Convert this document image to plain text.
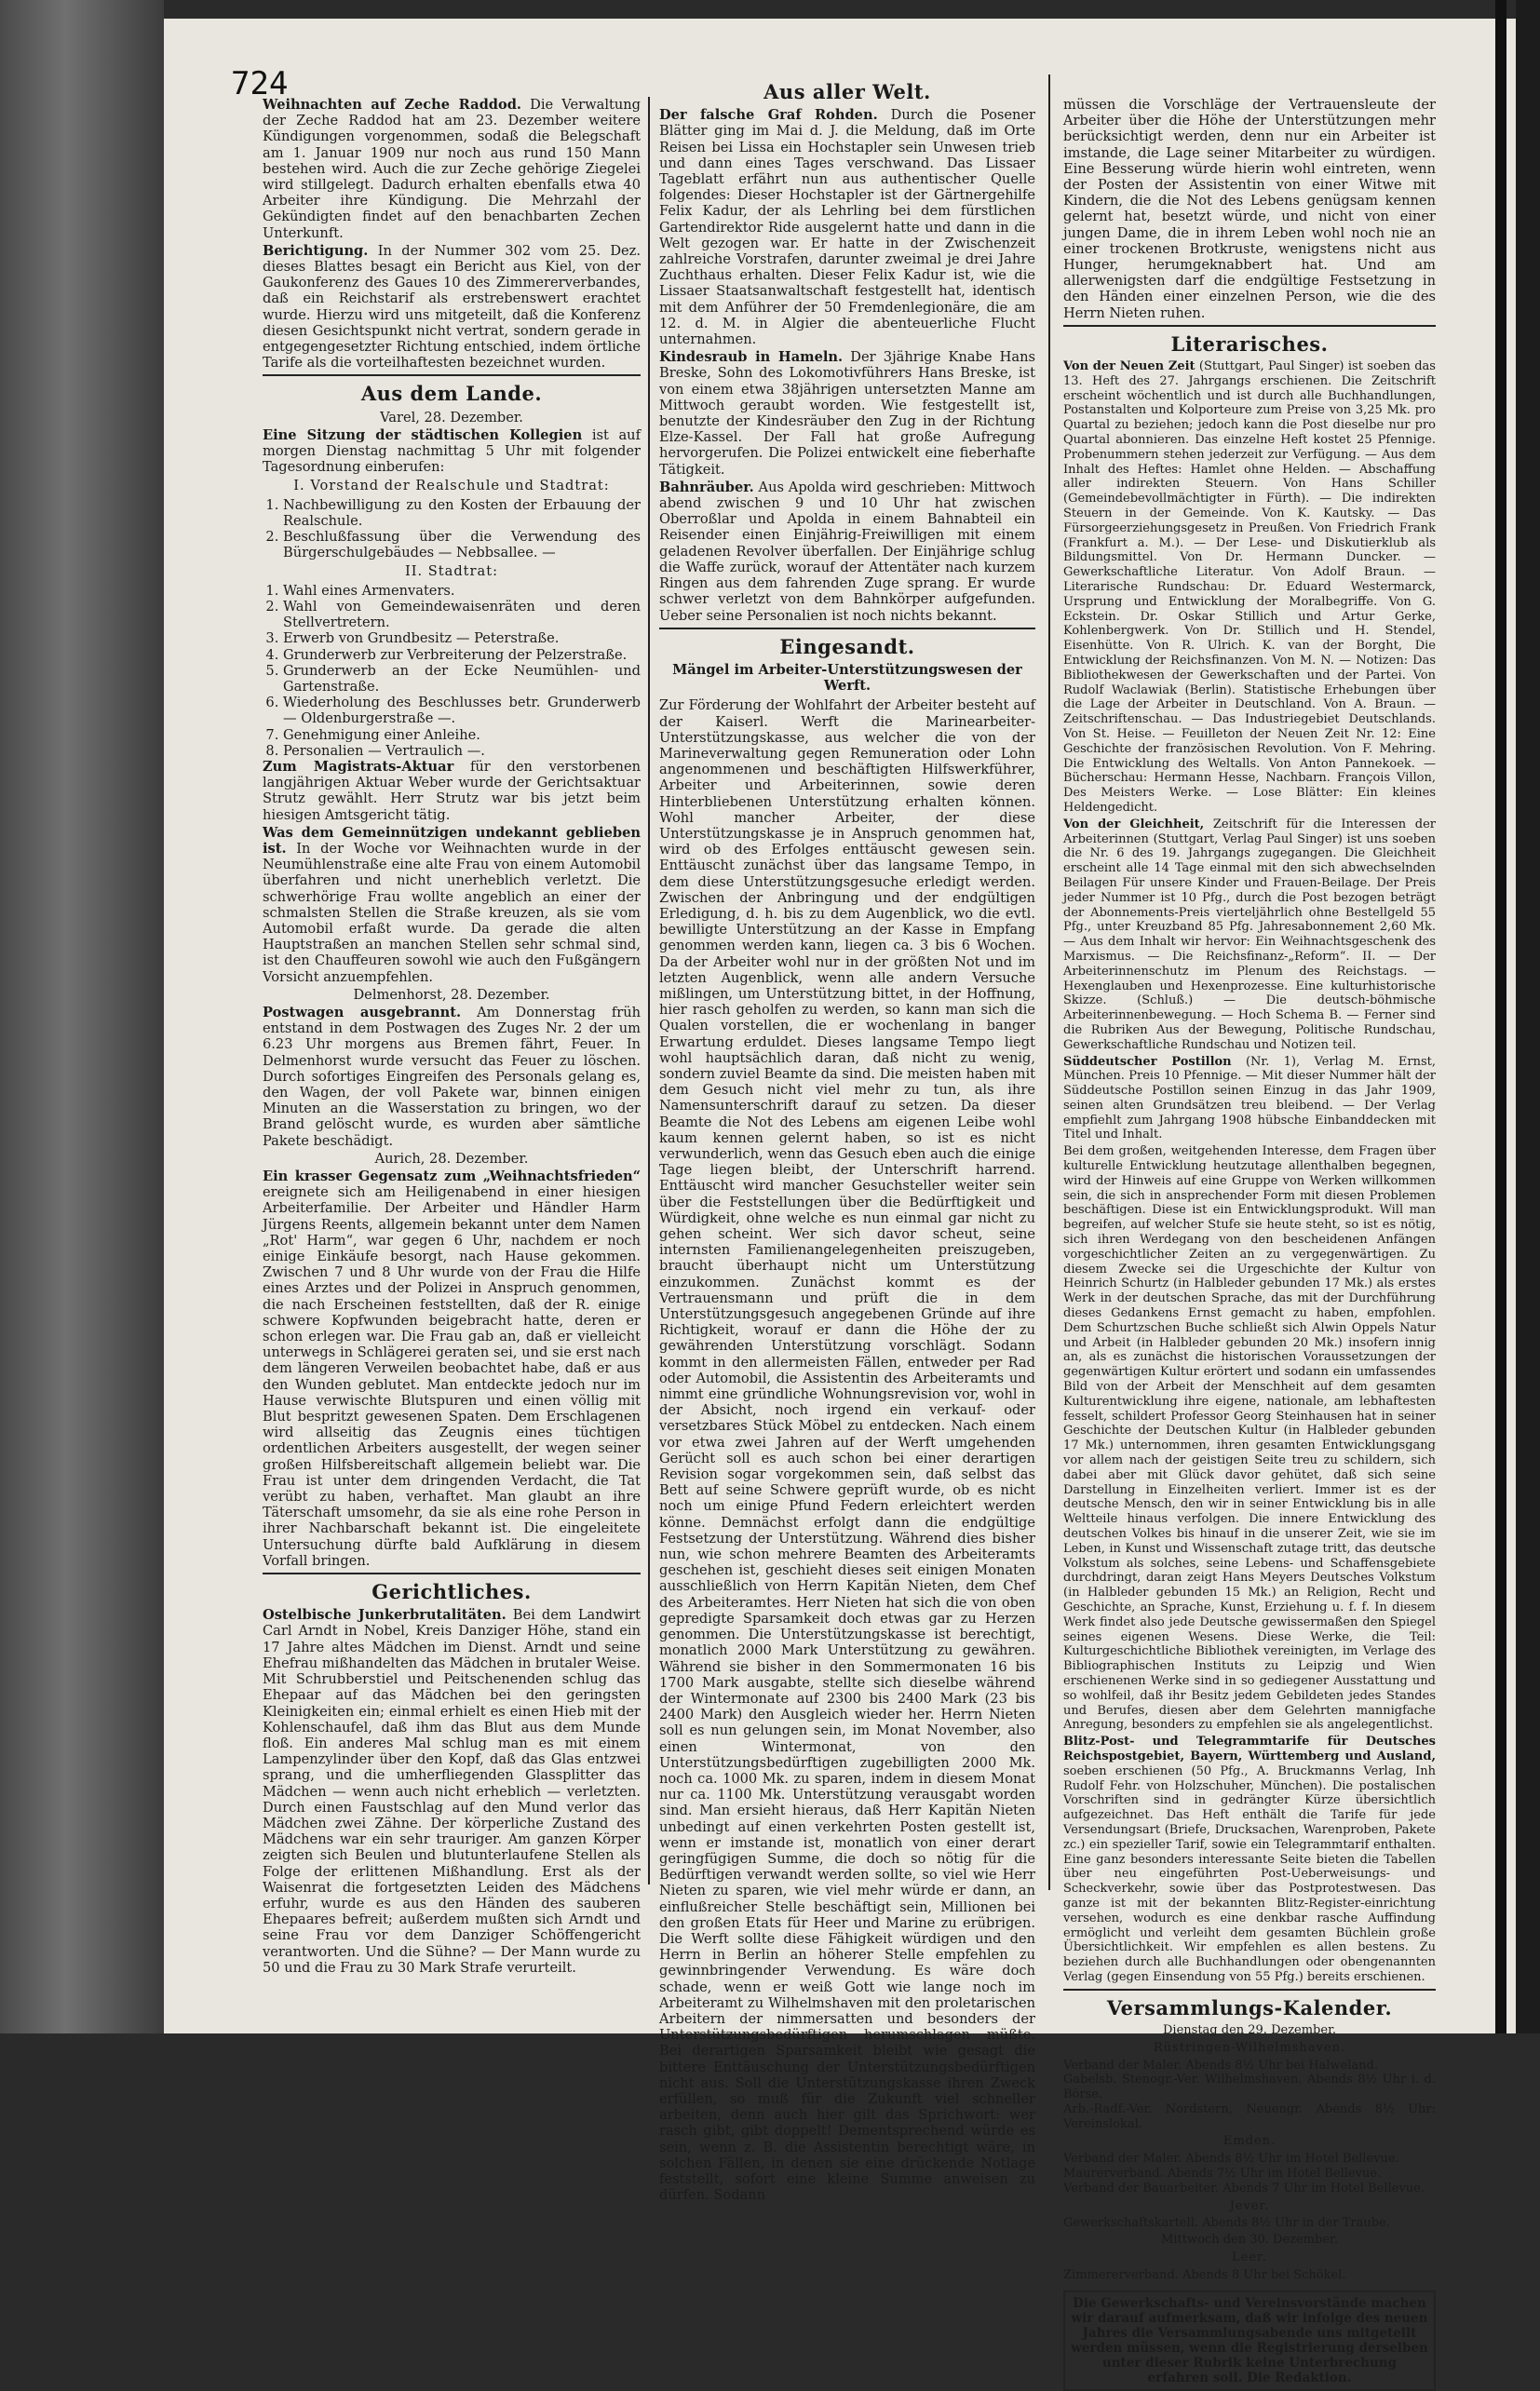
724

Weihnachten auf Zeche Raddod. Die Verwaltung der Zeche Raddod hat am 23. Dezember weitere Kündigungen vorgenommen, sodaß die Belegschaft am 1. Januar 1909 nur noch aus rund 150 Mann bestehen wird. Auch die zur Zeche gehörige Ziegelei wird stillgelegt. Dadurch erhalten ebenfalls etwa 40 Arbeiter ihre Kündigung. Die Mehrzahl der Gekündigten findet auf den benachbarten Zechen Unterkunft.

Berichtigung. In der Nummer 302 vom 25. Dez. dieses Blattes besagt ein Bericht aus Kiel, von der Gaukonferenz des Gaues 10 des Zimmererverbandes, daß ein Reichstarif als erstrebenswert erachtet wurde. Hierzu wird uns mitgeteilt, daß die Konferenz diesen Gesichtspunkt nicht vertrat, sondern gerade in entgegengesetzter Richtung entschied, indem örtliche Tarife als die vorteilhaftesten bezeichnet wurden.

Aus dem Lande.
Varel, 28. Dezember.

Eine Sitzung der städtischen Kollegien ist auf morgen Dienstag nachmittag 5 Uhr mit folgender Tagesordnung einberufen:

I. Vorstand der Realschule und Stadtrat:
1. Nachbewilligung zu den Kosten der Erbauung der Realschule.
2. Beschlußfassung über die Verwendung des Bürgerschulgebäudes — Nebbsallee. —
II. Stadtrat:
1. Wahl eines Armenvaters.
2. Wahl von Gemeindewaisenräten und deren Stellvertretern.
3. Erwerb von Grundbesitz — Peterstraße.
4. Grunderwerb zur Verbreiterung der Pelzerstraße.
5. Grunderwerb an der Ecke Neumühlen- und Gartenstraße.
6. Wiederholung des Beschlusses betr. Grunderwerb — Oldenburgerstraße —.
7. Genehmigung einer Anleihe.
8. Personalien — Vertraulich —.

Zum Magistrats-Aktuar für den verstorbenen langjährigen Aktuar Weber wurde der Gerichtsaktuar Strutz gewählt. Herr Strutz war bis jetzt beim hiesigen Amtsgericht tätig.

Was dem Gemeinnützigen undekannt geblieben ist. In der Woche vor Weihnachten wurde in der Neumühlenstraße eine alte Frau von einem Automobil überfahren und nicht unerheblich verletzt. Die schwerhörige Frau wollte angeblich an einer der schmalsten Stellen die Straße kreuzen, als sie vom Automobil erfaßt wurde. Da gerade die alten Hauptstraßen an manchen Stellen sehr schmal sind, ist den Chauffeuren sowohl wie auch den Fußgängern Vorsicht anzuempfehlen.

Delmenhorst, 28. Dezember.

Postwagen ausgebrannt. Am Donnerstag früh entstand in dem Postwagen des Zuges Nr. 2 der um 6.23 Uhr morgens aus Bremen fährt, Feuer. In Delmenhorst wurde versucht das Feuer zu löschen. Durch sofortiges Eingreifen des Personals gelang es, den Wagen, der voll Pakete war, binnen einigen Minuten an die Wasserstation zu bringen, wo der Brand gelöscht wurde, es wurden aber sämtliche Pakete beschädigt.

Aurich, 28. Dezember.

Ein krasser Gegensatz zum „Weihnachtsfrieden“ ereignete sich am Heiligenabend in einer hiesigen Arbeiterfamilie. Der Arbeiter und Händler Harm Jürgens Reents, allgemein bekannt unter dem Namen „Rot' Harm“, war gegen 6 Uhr, nachdem er noch einige Einkäufe besorgt, nach Hause gekommen. Zwischen 7 und 8 Uhr wurde von der Frau die Hilfe eines Arztes und der Polizei in Anspruch genommen, die nach Erscheinen feststellten, daß der R. einige schwere Kopfwunden beigebracht hatte, deren er schon erlegen war. Die Frau gab an, daß er vielleicht unterwegs in Schlägerei geraten sei, und sie erst nach dem längeren Verweilen beobachtet habe, daß er aus den Wunden geblutet. Man entdeckte jedoch nur im Hause verwischte Blutspuren und einen völlig mit Blut bespritzt gewesenen Spaten. Dem Erschlagenen wird allseitig das Zeugnis eines tüchtigen ordentlichen Arbeiters ausgestellt, der wegen seiner großen Hilfsbereitschaft allgemein beliebt war. Die Frau ist unter dem dringenden Verdacht, die Tat verübt zu haben, verhaftet. Man glaubt an ihre Täterschaft umsomehr, da sie als eine rohe Person in ihrer Nachbarschaft bekannt ist. Die eingeleitete Untersuchung dürfte bald Aufklärung in diesem Vorfall bringen.

Gerichtliches.

Ostelbische Junkerbrutalitäten. Bei dem Landwirt Carl Arndt in Nobel, Kreis Danziger Höhe, stand ein 17 Jahre altes Mädchen im Dienst. Arndt und seine Ehefrau mißhandelten das Mädchen in brutaler Weise. Mit Schrubberstiel und Peitschenenden schlug das Ehepaar auf das Mädchen bei den geringsten Kleinigkeiten ein; einmal erhielt es einen Hieb mit der Kohlenschaufel, daß ihm das Blut aus dem Munde floß. Ein anderes Mal schlug man es mit einem Lampenzylinder über den Kopf, daß das Glas entzwei sprang, und die umherfliegenden Glassplitter das Mädchen — wenn auch nicht erheblich — verletzten. Durch einen Faustschlag auf den Mund verlor das Mädchen zwei Zähne. Der körperliche Zustand des Mädchens war ein sehr trauriger. Am ganzen Körper zeigten sich Beulen und blutunterlaufene Stellen als Folge der erlittenen Mißhandlung. Erst als der Waisenrat die fortgesetzten Leiden des Mädchens erfuhr, wurde es aus den Händen des sauberen Ehepaares befreit; außerdem mußten sich Arndt und seine Frau vor dem Danziger Schöffengericht verantworten. Und die Sühne? — Der Mann wurde zu 50 und die Frau zu 30 Mark Strafe verurteilt.

Aus aller Welt.

Der falsche Graf Rohden. Durch die Posener Blätter ging im Mai d. J. die Meldung, daß im Orte Reisen bei Lissa ein Hochstapler sein Unwesen trieb und dann eines Tages verschwand. Das Lissaer Tageblatt erfährt nun aus authentischer Quelle folgendes: Dieser Hochstapler ist der Gärtnergehilfe Felix Kadur, der als Lehrling bei dem fürstlichen Gartendirektor Ride ausgelernt hatte und dann in die Welt gezogen war. Er hatte in der Zwischenzeit zahlreiche Vorstrafen, darunter zweimal je drei Jahre Zuchthaus erhalten. Dieser Felix Kadur ist, wie die Lissaer Staatsanwaltschaft festgestellt hat, identisch mit dem Anführer der 50 Fremdenlegionäre, die am 12. d. M. in Algier die abenteuerliche Flucht unternahmen.

Kindesraub in Hameln. Der 3jährige Knabe Hans Breske, Sohn des Lokomotivführers Hans Breske, ist von einem etwa 38jährigen untersetzten Manne am Mittwoch geraubt worden. Wie festgestellt ist, benutzte der Kindesräuber den Zug in der Richtung Elze-Kassel. Der Fall hat große Aufregung hervorgerufen. Die Polizei entwickelt eine fieberhafte Tätigkeit.

Bahnräuber. Aus Apolda wird geschrieben: Mittwoch abend zwischen 9 und 10 Uhr hat zwischen Oberroßlar und Apolda in einem Bahnabteil ein Reisender einen Einjährig-Freiwilligen mit einem geladenen Revolver überfallen. Der Einjährige schlug die Waffe zurück, worauf der Attentäter nach kurzem Ringen aus dem fahrenden Zuge sprang. Er wurde schwer verletzt von dem Bahnkörper aufgefunden. Ueber seine Personalien ist noch nichts bekannt.

Eingesandt.
Mängel im Arbeiter-Unterstützungswesen der Werft.

Zur Förderung der Wohlfahrt der Arbeiter besteht auf der Kaiserl. Werft die Marinearbeiter-Unterstützungskasse, aus welcher die von der Marineverwaltung gegen Remuneration oder Lohn angenommenen und beschäftigten Hilfswerkführer, Arbeiter und Arbeiterinnen, sowie deren Hinterbliebenen Unterstützung erhalten können. Wohl mancher Arbeiter, der diese Unterstützungskasse je in Anspruch genommen hat, wird ob des Erfolges enttäuscht gewesen sein. Enttäuscht zunächst über das langsame Tempo, in dem diese Unterstützungsgesuche erledigt werden. Zwischen der Anbringung und der endgültigen Erledigung, d. h. bis zu dem Augenblick, wo die evtl. bewilligte Unterstützung an der Kasse in Empfang genommen werden kann, liegen ca. 3 bis 6 Wochen. Da der Arbeiter wohl nur in der größten Not und im letzten Augenblick, wenn alle andern Versuche mißlingen, um Unterstützung bittet, in der Hoffnung, hier rasch geholfen zu werden, so kann man sich die Qualen vorstellen, die er wochenlang in banger Erwartung erduldet. Dieses langsame Tempo liegt wohl hauptsächlich daran, daß nicht zu wenig, sondern zuviel Beamte da sind. Die meisten haben mit dem Gesuch nicht viel mehr zu tun, als ihre Namensunterschrift darauf zu setzen. Da dieser Beamte die Not des Lebens am eigenen Leibe wohl kaum kennen gelernt haben, so ist es nicht verwunderlich, wenn das Gesuch eben auch die einige Tage liegen bleibt, der Unterschrift harrend. Enttäuscht wird mancher Gesuchsteller weiter sein über die Feststellungen über die Bedürftigkeit und Würdigkeit, ohne welche es nun einmal gar nicht zu gehen scheint. Wer sich davor scheut, seine internsten Familienangelegenheiten preiszugeben, braucht überhaupt nicht um Unterstützung einzukommen. Zunächst kommt es der Vertrauensmann und prüft die in dem Unterstützungsgesuch angegebenen Gründe auf ihre Richtigkeit, worauf er dann die Höhe der zu gewährenden Unterstützung vorschlägt. Sodann kommt in den allermeisten Fällen, entweder per Rad oder Automobil, die Assistentin des Arbeiteramts und nimmt eine gründliche Wohnungsrevision vor, wohl in der Absicht, noch irgend ein verkauf- oder versetzbares Stück Möbel zu entdecken. Nach einem vor etwa zwei Jahren auf der Werft umgehenden Gerücht soll es auch schon bei einer derartigen Revision sogar vorgekommen sein, daß selbst das Bett auf seine Schwere geprüft wurde, ob es nicht noch um einige Pfund Federn erleichtert werden könne. Demnächst erfolgt dann die endgültige Festsetzung der Unterstützung. Während dies bisher nun, wie schon mehrere Beamten des Arbeiteramts geschehen ist, geschieht dieses seit einigen Monaten ausschließlich von Herrn Kapitän Nieten, dem Chef des Arbeiteramtes. Herr Nieten hat sich die von oben gepredigte Sparsamkeit doch etwas gar zu Herzen genommen. Die Unterstützungskasse ist berechtigt, monatlich 2000 Mark Unterstützung zu gewähren. Während sie bisher in den Sommermonaten 16 bis 1700 Mark ausgabte, stellte sich dieselbe während der Wintermonate auf 2300 bis 2400 Mark (23 bis 2400 Mark) den Ausgleich wieder her. Herrn Nieten soll es nun gelungen sein, im Monat November, also einen Wintermonat, von den Unterstützungsbedürftigen zugebilligten 2000 Mk. noch ca. 1000 Mk. zu sparen, indem in diesem Monat nur ca. 1100 Mk. Unterstützung verausgabt worden sind. Man ersieht hieraus, daß Herr Kapitän Nieten unbedingt auf einen verkehrten Posten gestellt ist, wenn er imstande ist, monatlich von einer derart geringfügigen Summe, die doch so nötig für die Bedürftigen verwandt werden sollte, so viel wie Herr Nieten zu sparen, wie viel mehr würde er dann, an einflußreicher Stelle beschäftigt sein, Millionen bei den großen Etats für Heer und Marine zu erübrigen. Die Werft sollte diese Fähigkeit würdigen und den Herrn in Berlin an höherer Stelle empfehlen zu gewinnbringender Verwendung. Es wäre doch schade, wenn er weiß Gott wie lange noch im Arbeiteramt zu Wilhelmshaven mit den proletarischen Arbeitern der nimmersatten und besonders der Unterstützungsbedürftigen herumschlagen müßte. Bei derartigen Sparsamkeit bleibt wie gesagt die bittere Enttäuschung der Unterstützungsbedürftigen nicht aus. Soll die Unterstützungskasse ihren Zweck erfüllen, so muß für die Zukunft viel schneller arbeiten, denn auch hier gilt das Sprichwort: wer rasch gibt, gibt doppelt! Dementsprechend würde es sein, wenn z. B. die Assistentin berechtigt wäre, in solchen Fällen, in denen sie eine drückende Notlage feststellt, sofort eine kleine Summe anweisen zu dürfen. Sodann

müssen die Vorschläge der Vertrauensleute der Arbeiter über die Höhe der Unterstützungen mehr berücksichtigt werden, denn nur ein Arbeiter ist imstande, die Lage seiner Mitarbeiter zu würdigen. Eine Besserung würde hierin wohl eintreten, wenn der Posten der Assistentin von einer Witwe mit Kindern, die die Not des Lebens genügsam kennen gelernt hat, besetzt würde, und nicht von einer jungen Dame, die in ihrem Leben wohl noch nie an einer trockenen Brotkruste, wenigstens nicht aus Hunger, herumgeknabbert hat. Und am allerwenigsten darf die endgültige Festsetzung in den Händen einer einzelnen Person, wie die des Herrn Nieten ruhen.

Literarisches.

Von der Neuen Zeit (Stuttgart, Paul Singer) ist soeben das 13. Heft des 27. Jahrgangs erschienen. Die Zeitschrift erscheint wöchentlich und ist durch alle Buchhandlungen, Postanstalten und Kolporteure zum Preise von 3,25 Mk. pro Quartal zu beziehen; jedoch kann die Post dieselbe nur pro Quartal abonnieren. Das einzelne Heft kostet 25 Pfennige. Probenummern stehen jederzeit zur Verfügung. — Aus dem Inhalt des Heftes: Hamlet ohne Helden. — Abschaffung aller indirekten Steuern. Von Hans Schiller (Gemeindebevollmächtigter in Fürth). — Die indirekten Steuern in der Gemeinde. Von K. Kautsky. — Das Fürsorgeerziehungsgesetz in Preußen. Von Friedrich Frank (Frankfurt a. M.). — Der Lese- und Diskutierklub als Bildungsmittel. Von Dr. Hermann Duncker. — Gewerkschaftliche Literatur. Von Adolf Braun. — Literarische Rundschau: Dr. Eduard Westermarck, Ursprung und Entwicklung der Moralbegriffe. Von G. Eckstein. Dr. Oskar Stillich und Artur Gerke, Kohlenbergwerk. Von Dr. Stillich und H. Stendel, Eisenhütte. Von R. Ulrich. K. van der Borght, Die Entwicklung der Reichsfinanzen. Von M. N. — Notizen: Das Bibliothekwesen der Gewerkschaften und der Partei. Von Rudolf Waclawiak (Berlin). Statistische Erhebungen über die Lage der Arbeiter in Deutschland. Von A. Braun. — Zeitschriftenschau. — Das Industriegebiet Deutschlands. Von St. Heise. — Feuilleton der Neuen Zeit Nr. 12: Eine Geschichte der französischen Revolution. Von F. Mehring. Die Entwicklung des Weltalls. Von Anton Pannekoek. — Bücherschau: Hermann Hesse, Nachbarn. François Villon, Des Meisters Werke. — Lose Blätter: Ein kleines Heldengedicht.

Von der Gleichheit, Zeitschrift für die Interessen der Arbeiterinnen (Stuttgart, Verlag Paul Singer) ist uns soeben die Nr. 6 des 19. Jahrgangs zugegangen. Die Gleichheit erscheint alle 14 Tage einmal mit den sich abwechselnden Beilagen Für unsere Kinder und Frauen-Beilage. Der Preis jeder Nummer ist 10 Pfg., durch die Post bezogen beträgt der Abonnements-Preis vierteljährlich ohne Bestellgeld 55 Pfg., unter Kreuzband 85 Pfg. Jahresabonnement 2,60 Mk. — Aus dem Inhalt wir hervor: Ein Weihnachtsgeschenk des Marxismus. — Die Reichsfinanz-„Reform“. II. — Der Arbeiterinnenschutz im Plenum des Reichstags. — Hexenglauben und Hexenprozesse. Eine kulturhistorische Skizze. (Schluß.) — Die deutsch-böhmische Arbeiterinnenbewegung. — Hoch Schema B. — Ferner sind die Rubriken Aus der Bewegung, Politische Rundschau, Gewerkschaftliche Rundschau und Notizen teil.

Süddeutscher Postillon (Nr. 1), Verlag M. Ernst, München. Preis 10 Pfennige. — Mit dieser Nummer hält der Süddeutsche Postillon seinen Einzug in das Jahr 1909, seinen alten Grundsätzen treu bleibend. — Der Verlag empfiehlt zum Jahrgang 1908 hübsche Einbanddecken mit Titel und Inhalt.

Bei dem großen, weitgehenden Interesse, dem Fragen über kulturelle Entwicklung heutzutage allenthalben begegnen, wird der Hinweis auf eine Gruppe von Werken willkommen sein, die sich in ansprechender Form mit diesen Problemen beschäftigen. Diese ist ein Entwicklungsprodukt. Will man begreifen, auf welcher Stufe sie heute steht, so ist es nötig, sich ihren Werdegang von den bescheidenen Anfängen vorgeschichtlicher Zeiten an zu vergegenwärtigen. Zu diesem Zwecke sei die Urgeschichte der Kultur von Heinrich Schurtz (in Halbleder gebunden 17 Mk.) als erstes Werk in der deutschen Sprache, das mit der Durchführung dieses Gedankens Ernst gemacht zu haben, empfohlen. Dem Schurtzschen Buche schließt sich Alwin Oppels Natur und Arbeit (in Halbleder gebunden 20 Mk.) insofern innig an, als es zunächst die historischen Voraussetzungen der gegenwärtigen Kultur erörtert und sodann ein umfassendes Bild von der Arbeit der Menschheit auf dem gesamten Kulturentwicklung ihre eigene, nationale, am lebhaftesten fesselt, schildert Professor Georg Steinhausen hat in seiner Geschichte der Deutschen Kultur (in Halbleder gebunden 17 Mk.) unternommen, ihren gesamten Entwicklungsgang vor allem nach der geistigen Seite treu zu schildern, sich dabei aber mit Glück davor gehütet, daß sich seine Darstellung in Einzelheiten verliert. Immer ist es der deutsche Mensch, den wir in seiner Entwicklung bis in alle Weltteile hinaus verfolgen. Die innere Entwicklung des deutschen Volkes bis hinauf in die unserer Zeit, wie sie im Leben, in Kunst und Wissenschaft zutage tritt, das deutsche Volkstum als solches, seine Lebens- und Schaffensgebiete durchdringt, daran zeigt Hans Meyers Deutsches Volkstum (in Halbleder gebunden 15 Mk.) an Religion, Recht und Geschichte, an Sprache, Kunst, Erziehung u. f. f. In diesem Werk findet also jede Deutsche gewissermaßen den Spiegel seines eigenen Wesens. Diese Werke, die Teil: Kulturgeschichtliche Bibliothek vereinigten, im Verlage des Bibliographischen Instituts zu Leipzig und Wien erschienenen Werke sind in so gediegener Ausstattung und so wohlfeil, daß ihr Besitz jedem Gebildeten jedes Standes und Berufes, diesen aber dem Gelehrten mannigfache Anregung, besonders zu empfehlen sie als angelegentlichst.

Blitz-Post- und Telegrammtarife für Deutsches Reichspostgebiet, Bayern, Württemberg und Ausland, soeben erschienen (50 Pfg., A. Bruckmanns Verlag, Inh Rudolf Fehr. von Holzschuher, München). Die postalischen Vorschriften sind in gedrängter Kürze übersichtlich aufgezeichnet. Das Heft enthält die Tarife für jede Versendungsart (Briefe, Drucksachen, Warenproben, Pakete zc.) ein spezieller Tarif, sowie ein Telegrammtarif enthalten. Eine ganz besonders interessante Seite bieten die Tabellen über neu eingeführten Post-Ueberweisungs- und Scheckverkehr, sowie über das Postprotestwesen. Das ganze ist mit der bekannten Blitz-Register-einrichtung versehen, wodurch es eine denkbar rasche Auffindung ermöglicht und verleiht dem gesamten Büchlein große Übersichtlichkeit. Wir empfehlen es allen bestens. Zu beziehen durch alle Buchhandlungen oder obengenannten Verlag (gegen Einsendung von 55 Pfg.) bereits erschienen.

Versammlungs-Kalender.
Dienstag den 29. Dezember.
Rüstringen-Wilhelmshaven.
Verband der Maler. Abends 8½ Uhr bei Halweland.
Gabelsb. Stenogr.-Ver. Wilhelmshaven. Abends 8½ Uhr i. d. Börse.
Arb.-Radf.-Ver. Nordstern, Neuengr. Abends 8½ Uhr: Vereinslokal.
Emden.
Verband der Maler. Abends 8½ Uhr im Hotel Bellevue.
Maurerverband. Abends 7½ Uhr im Hotel Bellevue.
Verband der Bauarbeiter. Abends 7 Uhr im Hotel Bellevue.
Jever.
Gewerkschaftskartell. Abends 8½ Uhr in der Traube.
Mittwoch den 30. Dezember.
Leer.
Zimmererverband. Abends 8 Uhr bei Schökel.
Die Gewerkschafts- und Vereinsvorstände machen wir darauf aufmerksam, daß wir infolge des neuen Jahres die Versammlungsabende uns mitgeteilt werden müssen, wenn die Registrierung derselben unter dieser Rubrik keine Unterbrechung erfahren soll. Die Redaktion.
